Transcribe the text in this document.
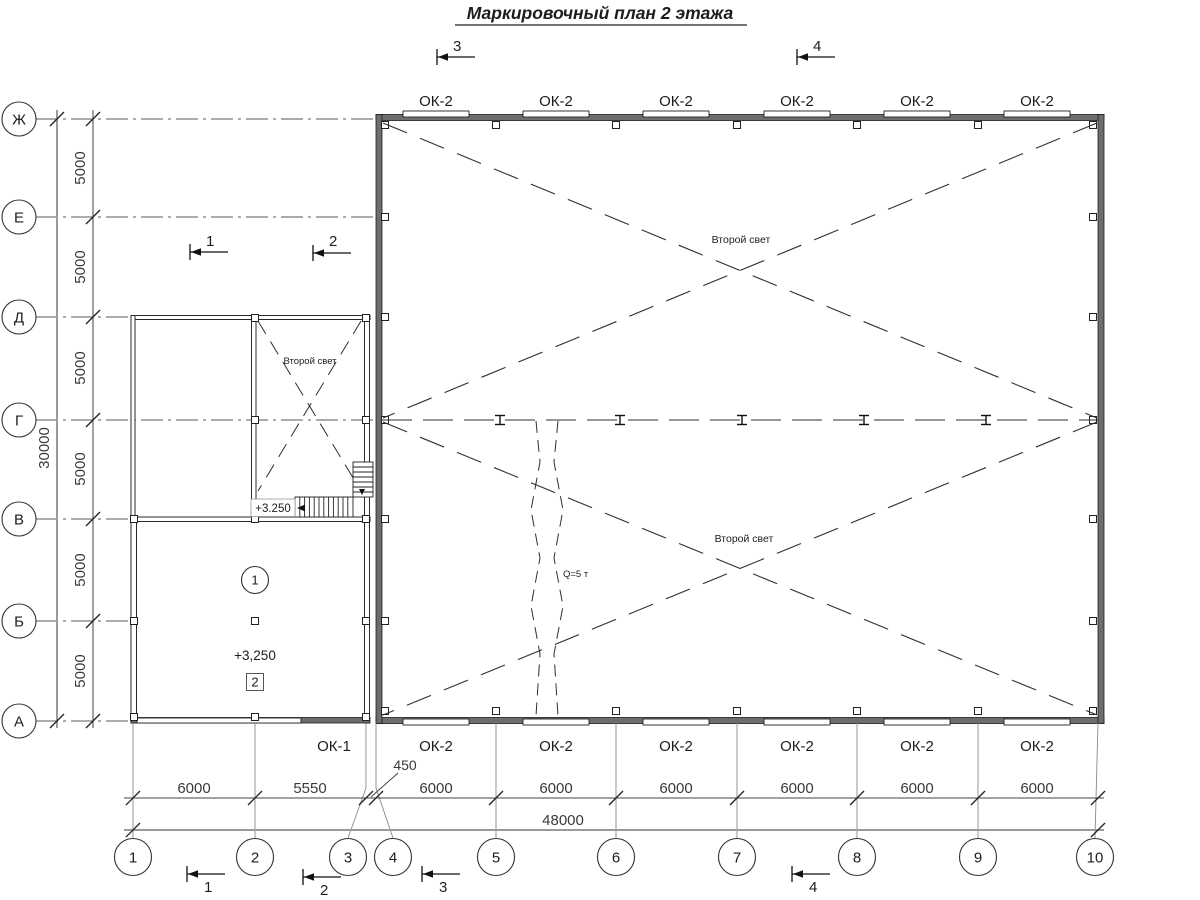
Маркировочный план 2 этажа
5000
5000
5000
5000
5000
5000
30000
Ж
Е
Д
Г
В
Б
А
Q=5 т
Второй свет
+3.250
Второй свет
Второй свет
1
+3,250
2
ОК-2	ОК-2	ОК-2	ОК-2	ОК-2	ОК-2
ОК-1	ОК-2	ОК-2	ОК-2	ОК-2	ОК-2	ОК-2
6000	5550	6000	6000	6000	6000	6000	6000
450
48000
1	2	3 4	5	6	7	8	9	10
3	4
1	2
1	2	3	4
